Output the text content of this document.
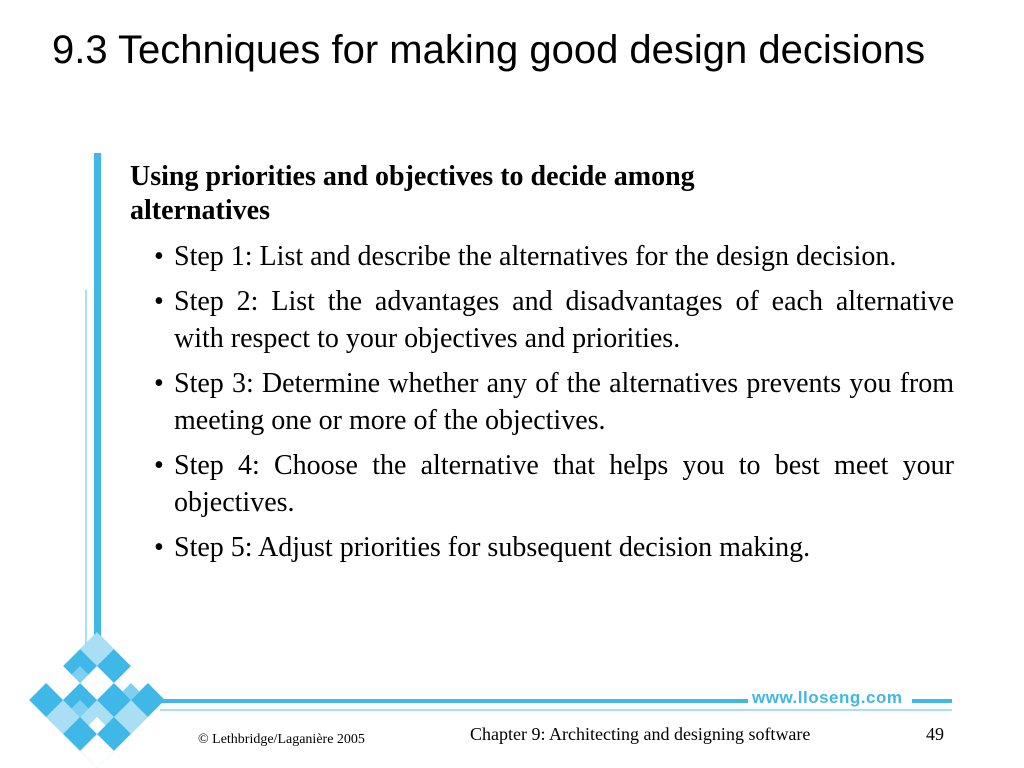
9.3 Techniques for making good design decisions

Using priorities and objectives to decide among alternatives

• Step 1: List and describe the alternatives for the design decision.
• Step 2: List the advantages and disadvantages of each alternative with respect to your objectives and priorities.
• Step 3: Determine whether any of the alternatives prevents you from meeting one or more of the objectives.
• Step 4: Choose the alternative that helps you to best meet your objectives.
• Step 5: Adjust priorities for subsequent decision making.
www.lloseng.com
© Lethbridge/Laganière 2005	Chapter 9: Architecting and designing software	49
